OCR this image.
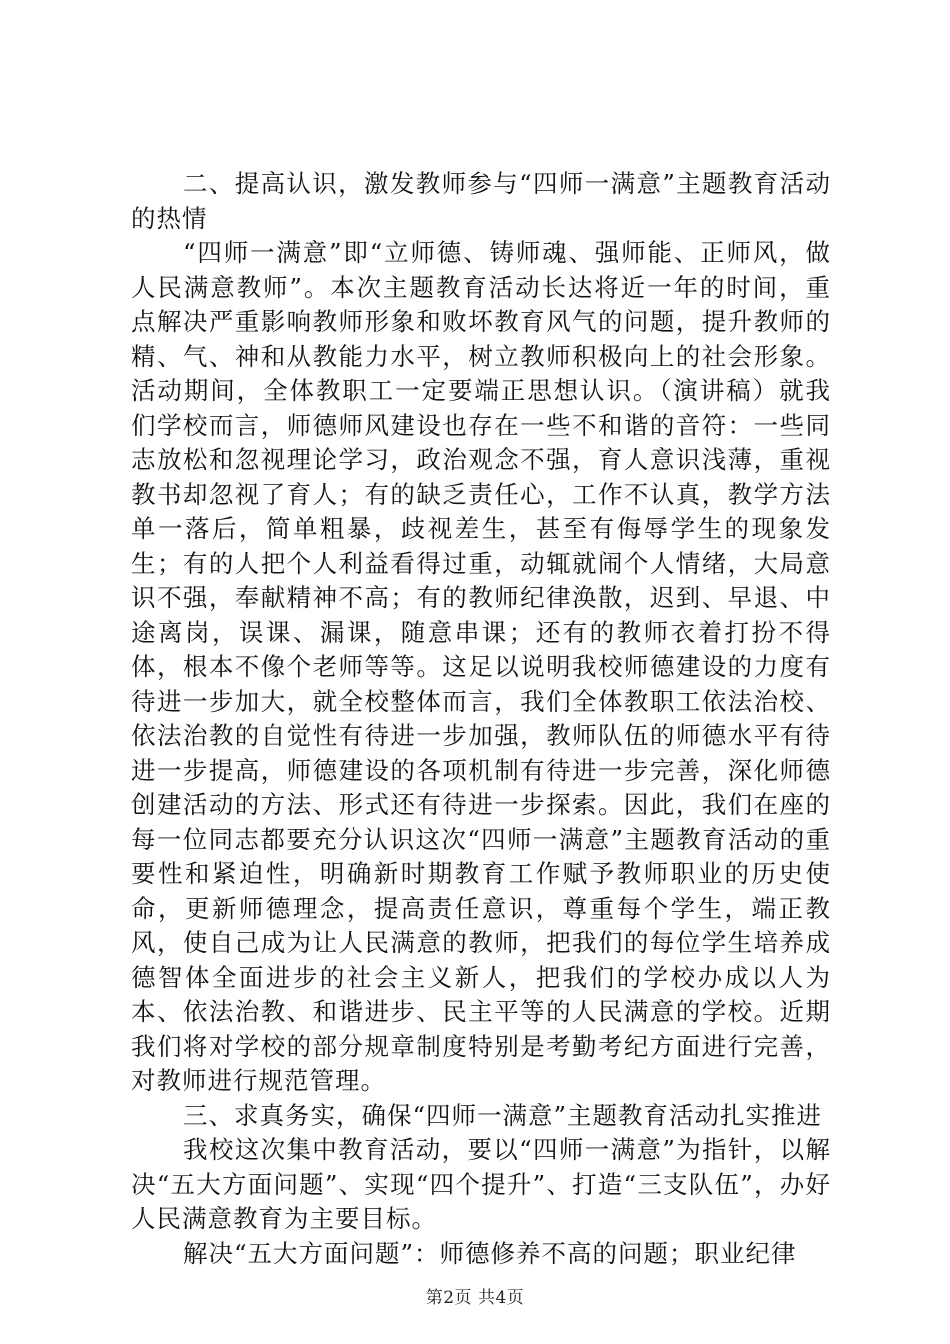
二、提高认识，激发教师参与“四师一满意”主题教育活动的热情

“四师一满意”即“立师德、铸师魂、强师能、正师风，做人民满意教师”。本次主题教育活动长达将近一年的时间，重点解决严重影响教师形象和败坏教育风气的问题，提升教师的精、气、神和从教能力水平，树立教师积极向上的社会形象。活动期间，全体教职工一定要端正思想认识。（演讲稿）就我们学校而言，师德师风建设也存在一些不和谐的音符：一些同志放松和忽视理论学习，政治观念不强，育人意识浅薄，重视教书却忽视了育人；有的缺乏责任心，工作不认真，教学方法单一落后，简单粗暴，歧视差生，甚至有侮辱学生的现象发生；有的人把个人利益看得过重，动辄就闹个人情绪，大局意识不强，奉献精神不高；有的教师纪律涣散，迟到、早退、中途离岗，误课、漏课，随意串课；还有的教师衣着打扮不得体，根本不像个老师等等。这足以说明我校师德建设的力度有待进一步加大，就全校整体而言，我们全体教职工依法治校、依法治教的自觉性有待进一步加强，教师队伍的师德水平有待进一步提高，师德建设的各项机制有待进一步完善，深化师德创建活动的方法、形式还有待进一步探索。因此，我们在座的每一位同志都要充分认识这次“四师一满意”主题教育活动的重要性和紧迫性，明确新时期教育工作赋予教师职业的历史使命，更新师德理念，提高责任意识，尊重每个学生，端正教风，使自己成为让人民满意的教师，把我们的每位学生培养成德智体全面进步的社会主义新人，把我们的学校办成以人为本、依法治教、和谐进步、民主平等的人民满意的学校。近期我们将对学校的部分规章制度特别是考勤考纪方面进行完善，对教师进行规范管理。

三、求真务实，确保“四师一满意”主题教育活动扎实推进

我校这次集中教育活动，要以“四师一满意”为指针，以解决“五大方面问题”、实现“四个提升”、打造“三支队伍”，办好人民满意教育为主要目标。

解决“五大方面问题”：师德修养不高的问题；职业纪律

第2页 共4页
